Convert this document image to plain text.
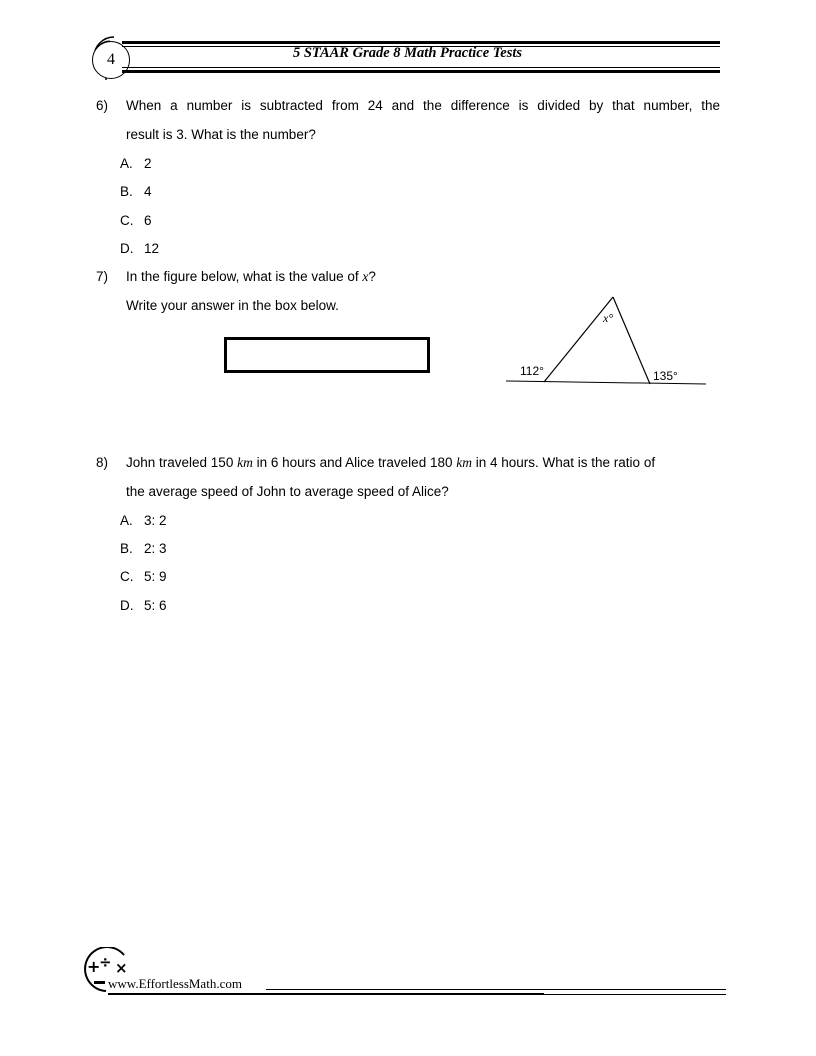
4	5 STAAR Grade 8 Math Practice Tests
6) When a number is subtracted from 24 and the difference is divided by that number, the
result is 3. What is the number?
A. 2
B. 4
C. 6
D. 12
7) In the figure below, what is the value of x?
Write your answer in the box below.
x°
112°	135°
8) John traveled 150 km in 6 hours and Alice traveled 180 km in 4 hours. What is the ratio of
the average speed of John to average speed of Alice?
A. 3: 2
B. 2: 3
C. 5: 9
D. 5: 6
+
÷ ×
www.EffortlessMath.com
